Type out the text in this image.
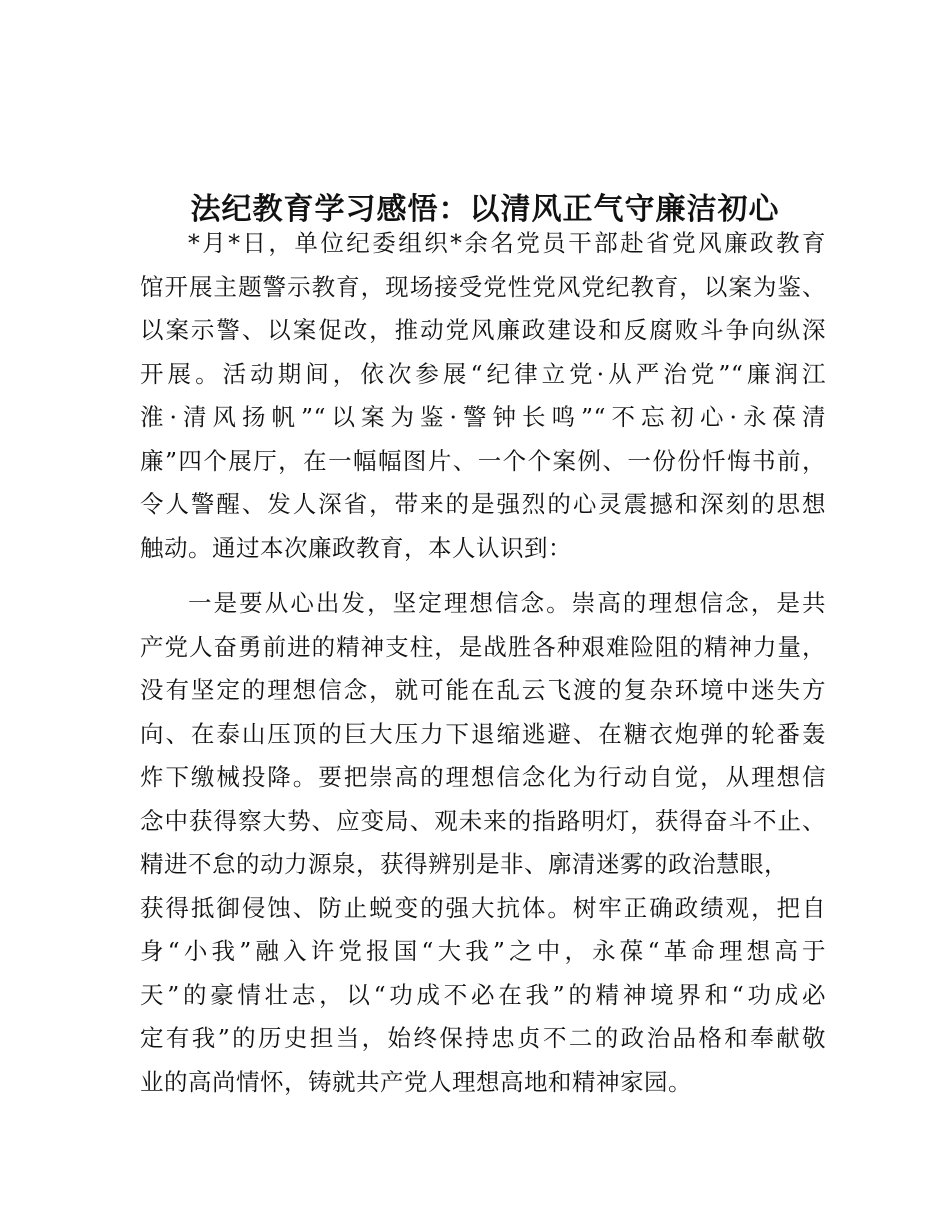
法纪教育学习感悟：以清风正气守廉洁初心

*月*日，单位纪委组织*余名党员干部赴省党风廉政教育
馆开展主题警示教育，现场接受党性党风党纪教育，以案为鉴、
以案示警、以案促改，推动党风廉政建设和反腐败斗争向纵深
开展。活动期间，依次参展“纪律立党·从严治党”“廉润江
淮·清风扬帆”“以案为鉴·警钟长鸣”“不忘初心·永葆清
廉”四个展厅，在一幅幅图片、一个个案例、一份份忏悔书前，
令人警醒、发人深省，带来的是强烈的心灵震撼和深刻的思想
触动。通过本次廉政教育，本人认识到：

一是要从心出发，坚定理想信念。崇高的理想信念，是共
产党人奋勇前进的精神支柱，是战胜各种艰难险阻的精神力量，
没有坚定的理想信念，就可能在乱云飞渡的复杂环境中迷失方
向、在泰山压顶的巨大压力下退缩逃避、在糖衣炮弹的轮番轰
炸下缴械投降。要把崇高的理想信念化为行动自觉，从理想信
念中获得察大势、应变局、观未来的指路明灯，获得奋斗不止、
精进不怠的动力源泉，获得辨别是非、廓清迷雾的政治慧眼，
获得抵御侵蚀、防止蜕变的强大抗体。树牢正确政绩观，把自
身“小我”融入许党报国“大我”之中，永葆“革命理想高于
天”的豪情壮志，以“功成不必在我”的精神境界和“功成必
定有我”的历史担当，始终保持忠贞不二的政治品格和奉献敬
业的高尚情怀，铸就共产党人理想高地和精神家园。
